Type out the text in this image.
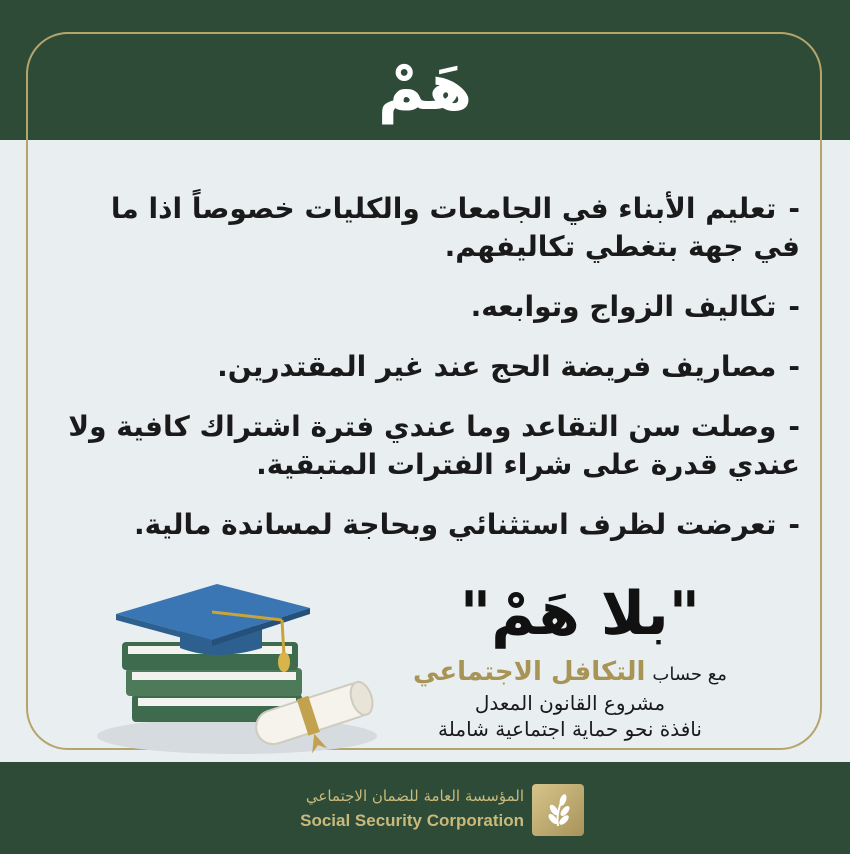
هَمْ
-تعليم الأبناء في الجامعات والكليات خصوصاً اذا ما في جهة بتغطي تكاليفهم.
-تكاليف الزواج وتوابعه.
-مصاريف فريضة الحج عند غير المقتدرين.
-وصلت سن التقاعد وما عندي فترة اشتراك كافية ولا عندي قدرة على شراء الفترات المتبقية.
-تعرضت لظرف استثنائي وبحاجة لمساندة مالية.
"بلا هَمْ"
مع حساب التكافل الاجتماعي
مشروع القانون المعدل
نافذة نحو حماية اجتماعية شاملة
المؤسسة العامة للضمان الاجتماعي
Social Security Corporation
